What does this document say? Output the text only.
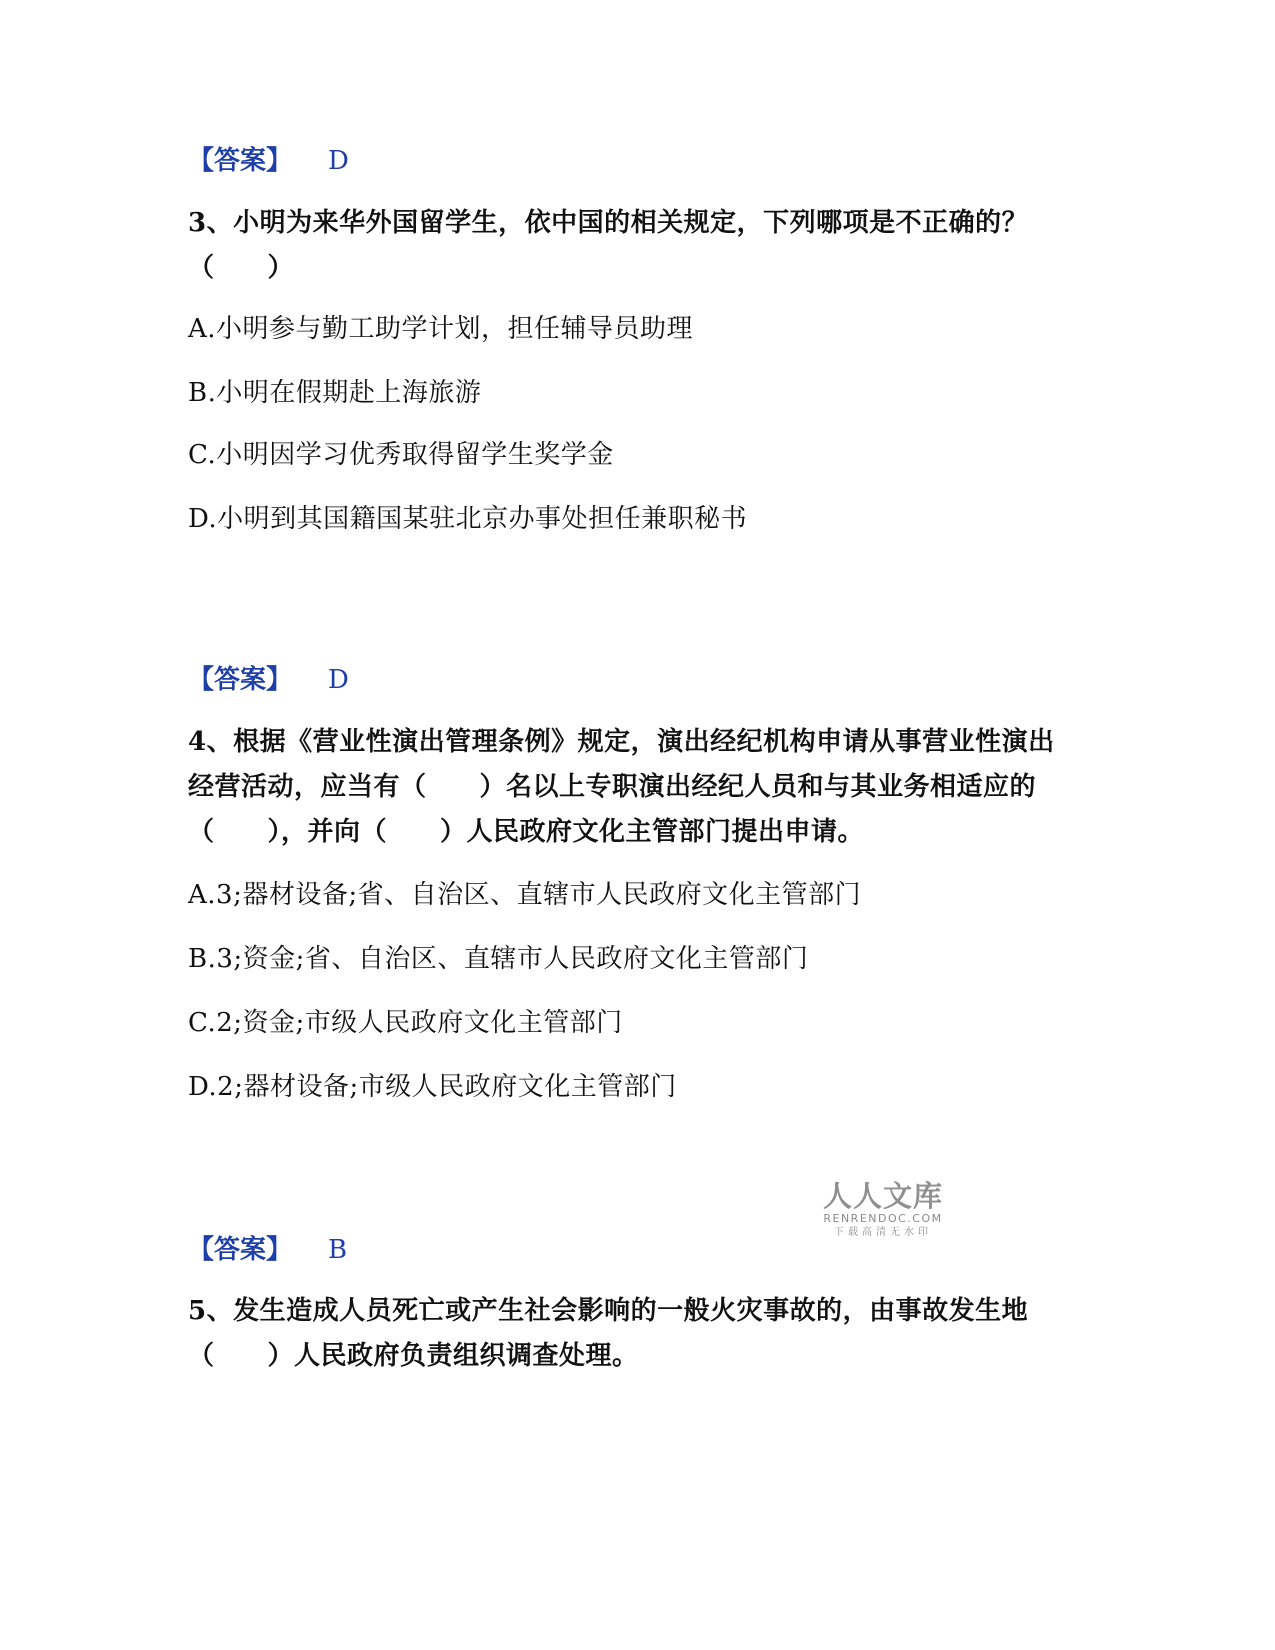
【答案】 D
3、小明为来华外国留学生，依中国的相关规定，下列哪项是不正确的？
（　　）
A.小明参与勤工助学计划，担任辅导员助理
B.小明在假期赴上海旅游
C.小明因学习优秀取得留学生奖学金
D.小明到其国籍国某驻北京办事处担任兼职秘书
【答案】 D
4、根据《营业性演出管理条例》规定，演出经纪机构申请从事营业性演出
经营活动，应当有（　　）名以上专职演出经纪人员和与其业务相适应的
（　　），并向（　　）人民政府文化主管部门提出申请。
A.3;器材设备;省、自治区、直辖市人民政府文化主管部门
B.3;资金;省、自治区、直辖市人民政府文化主管部门
C.2;资金;市级人民政府文化主管部门
D.2;器材设备;市级人民政府文化主管部门
人人文库
RENRENDOC.COM
下载高清无水印
【答案】 B
5、发生造成人员死亡或产生社会影响的一般火灾事故的，由事故发生地
（　　）人民政府负责组织调查处理。
